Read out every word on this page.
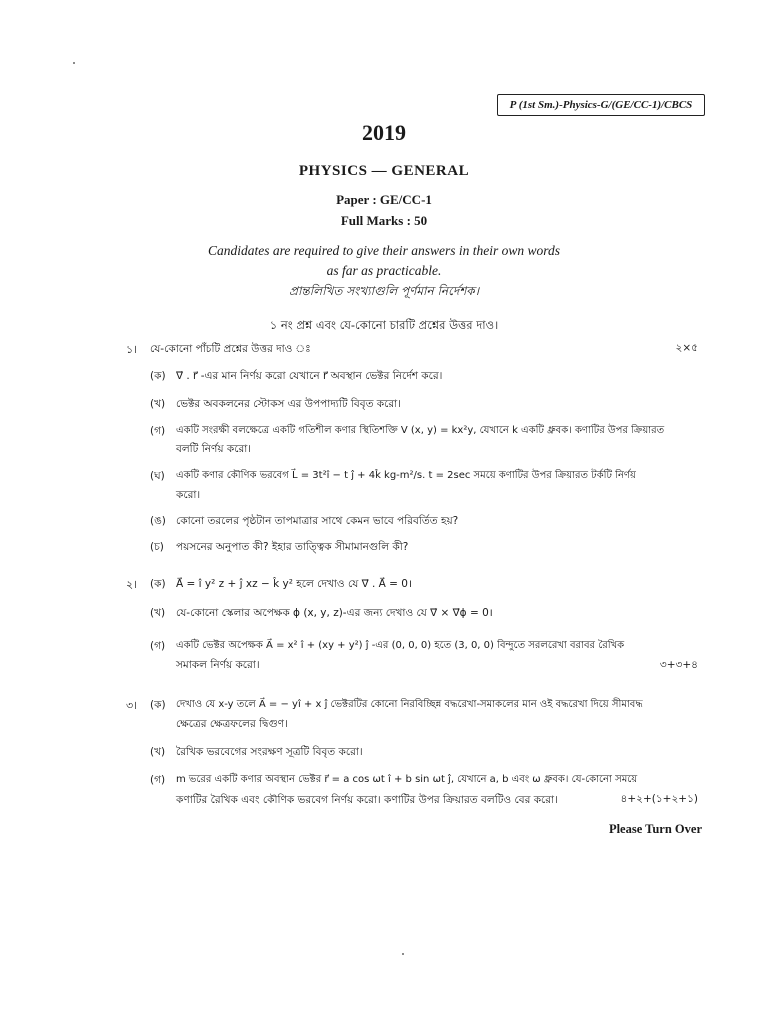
P (1st Sm.)-Physics-G/(GE/CC-1)/CBCS
2019
PHYSICS — GENERAL
Paper : GE/CC-1
Full Marks : 50
Candidates are required to give their answers in their own words
as far as practicable.
প্রান্তলিখিত সংখ্যাগুলি পূর্ণমান নির্দেশক।
১ নং প্রশ্ন এবং যে-কোনো চারটি প্রশ্নের উত্তর দাও।
১। যে-কোনো পাঁচটি প্রশ্নের উত্তর দাও ঃ	২×৫
(ক) ∇⃗ . r⃗ -এর মান নির্ণয় করো যেখানে r⃗ অবস্থান ভেক্টর নির্দেশ করে।
(খ) ভেক্টর অবকলনের স্টোকস এর উপপাদ্যটি বিবৃত করো।
(গ) একটি সংরক্ষী বলক্ষেত্রে একটি গতিশীল কণার স্থিতিশক্তি V (x, y) = kx²y, যেখানে k একটি ধ্রুবক। কণাটির উপর ক্রিয়ারত
বলটি নির্ণয় করো।
(ঘ) একটি কণার কৌণিক ভরবেগ L⃗ = 3t²î − t ĵ + 4k̂ kg-m²/s. t = 2sec সময়ে কণাটির উপর ক্রিয়ারত টর্কটি নির্ণয়
করো।
(ঙ) কোনো তরলের পৃষ্ঠটান তাপমাত্রার সাথে কেমন ভাবে পরিবর্তিত হয়?
(চ) পয়সনের অনুপাত কী? ইহার তাত্ত্বিক সীমামানগুলি কী?
২। (ক) A⃗ = î y² z + ĵ xz − k̂ y² হলে দেখাও যে ∇⃗ . A⃗ = 0।
(খ) যে-কোনো স্কেলার অপেক্ষক ϕ (x, y, z)-এর জন্য দেখাও যে ∇⃗ × ∇⃗ϕ = 0।
(গ) একটি ভেক্টর অপেক্ষক A⃗ = x² î + (xy + y²) ĵ -এর (0, 0, 0) হতে (3, 0, 0) বিন্দুতে সরলরেখা বরাবর রৈখিক
সমাকল নির্ণয় করো।	৩+৩+৪
৩। (ক) দেখাও যে x-y তলে A⃗ = − yî + x ĵ ভেক্টরটির কোনো নিরবিচ্ছিন্ন বদ্ধরেখা-সমাকলের মান ওই বদ্ধরেখা দিয়ে সীমাবদ্ধ
ক্ষেত্রের ক্ষেত্রফলের দ্বিগুণ।
(খ) রৈখিক ভরবেগের সংরক্ষণ সূত্রটি বিবৃত করো।
(গ) m ভরের একটি কণার অবস্থান ভেক্টর r⃗ = a cos ωt î + b sin ωt ĵ, যেখানে a, b এবং ω ধ্রুবক। যে-কোনো সময়ে
কণাটির রৈখিক এবং কৌণিক ভরবেগ নির্ণয় করো। কণাটির উপর ক্রিয়ারত বলটিও বের করো।	৪+২+(১+২+১)
Please Turn Over
